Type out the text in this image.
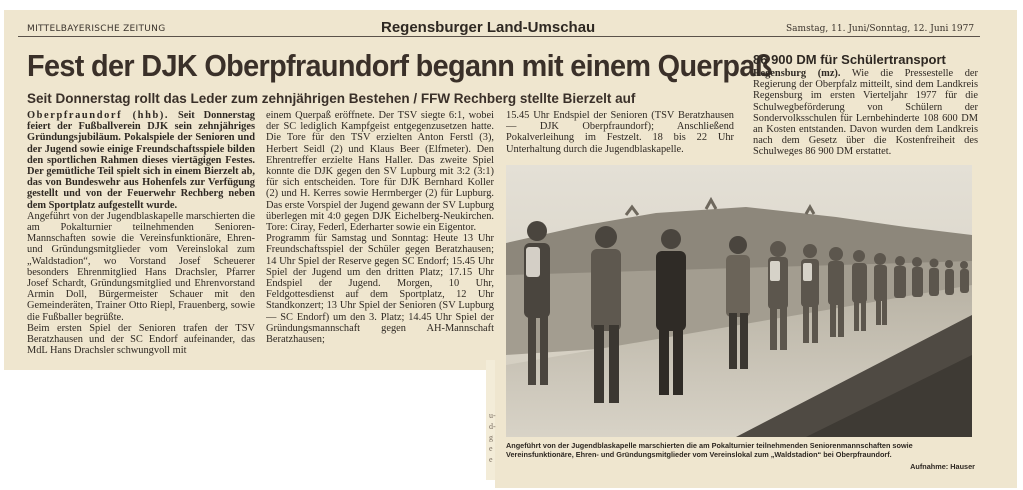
MITTELBAYERISCHE ZEITUNG	Regensburger Land-Umschau	Samstag, 11. Juni/Sonntag, 12. Juni 1977
Fest der DJK Oberpfraundorf begann mit einem Querpaß
Seit Donnerstag rollt das Leder zum zehnjährigen Bestehen / FFW Rechberg stellte Bierzelt auf

Oberpfraundorf (hhb). Seit Donnerstag feiert der Fußballverein DJK sein zehnjähriges Gründungsjubiläum. Pokalspiele der Senioren und der Jugend sowie einige Freundschaftsspiele bilden den sportlichen Rahmen dieses viertägigen Festes. Der gemütliche Teil spielt sich in einem Bierzelt ab, das von Bundeswehr aus Hohenfels zur Verfügung gestellt und von der Feuerwehr Rechberg neben dem Sportplatz aufgestellt wurde.

Angeführt von der Jugendblaskapelle marschierten die am Pokalturnier teilnehmenden Senioren-Mannschaften sowie die Vereinsfunktionäre, Ehren- und Gründungsmitglieder vom Vereinslokal zum „Waldstadion“, wo Vorstand Josef Scheuerer besonders Ehrenmitglied Hans Drachsler, Pfarrer Josef Schardt, Gründungsmitglied und Ehrenvorstand Armin Doll, Bürgermeister Schauer mit den Gemeinderäten, Trainer Otto Riepl, Frauenberg, sowie die Fußballer begrüßte.

Beim ersten Spiel der Senioren trafen der TSV Beratzhausen und der SC Endorf aufeinander, das MdL Hans Drachsler schwungvoll mit

einem Querpaß eröffnete. Der TSV siegte 6:1, wobei der SC lediglich Kampfgeist entgegenzusetzen hatte. Die Tore für den TSV erzielten Anton Ferstl (3), Herbert Seidl (2) und Klaus Beer (Elfmeter). Den Ehrentreffer erzielte Hans Haller. Das zweite Spiel konnte die DJK gegen den SV Lupburg mit 3:2 (3:1) für sich entscheiden. Tore für DJK Bernhard Koller (2) und H. Kerres sowie Herrnberger (2) für Lupburg. Das erste Vorspiel der Jugend gewann der SV Lupburg überlegen mit 4:0 gegen DJK Eichelberg-Neukirchen. Tore: Ciray, Federl, Ederharter sowie ein Eigentor.

Programm für Samstag und Sonntag: Heute 13 Uhr Freundschaftsspiel der Schüler gegen Beratzhausen; 14 Uhr Spiel der Reserve gegen SC Endorf; 15.45 Uhr Spiel der Jugend um den dritten Platz; 17.15 Uhr Endspiel der Jugend. Morgen, 10 Uhr, Feldgottesdienst auf dem Sportplatz, 12 Uhr Standkonzert; 13 Uhr Spiel der Senioren (SV Lupburg — SC Endorf) um den 3. Platz; 14.45 Uhr Spiel der Gründungsmannschaft gegen AH-Mannschaft Beratzhausen;

15.45 Uhr Endspiel der Senioren (TSV Beratzhausen — DJK Oberpfraundorf); Anschließend Pokalverleihung im Festzelt. 18 bis 22 Uhr Unterhaltung durch die Jugendblaskapelle.

86 900 DM für Schülertransport

Regensburg (mz). Wie die Pressestelle der Regierung der Oberpfalz mitteilt, sind dem Landkreis Regensburg im ersten Vierteljahr 1977 für die Schulwegbeförderung von Schülern der Sondervolksschulen für Lernbehinderte 108 600 DM an Kosten entstanden. Davon wurden dem Landkreis nach dem Gesetz über die Kostenfreiheit des Schulweges 86 900 DM erstattet.

Angeführt von der Jugendblaskapelle marschierten die am Pokalturnier teilnehmenden Seniorenmannschaften sowie Vereinsfunktionäre, Ehren- und Gründungsmitglieder vom Vereinslokal zum „Waldstadion“ bei Oberpfraundorf.
Aufnahme: Hauser
u- d- g e e
